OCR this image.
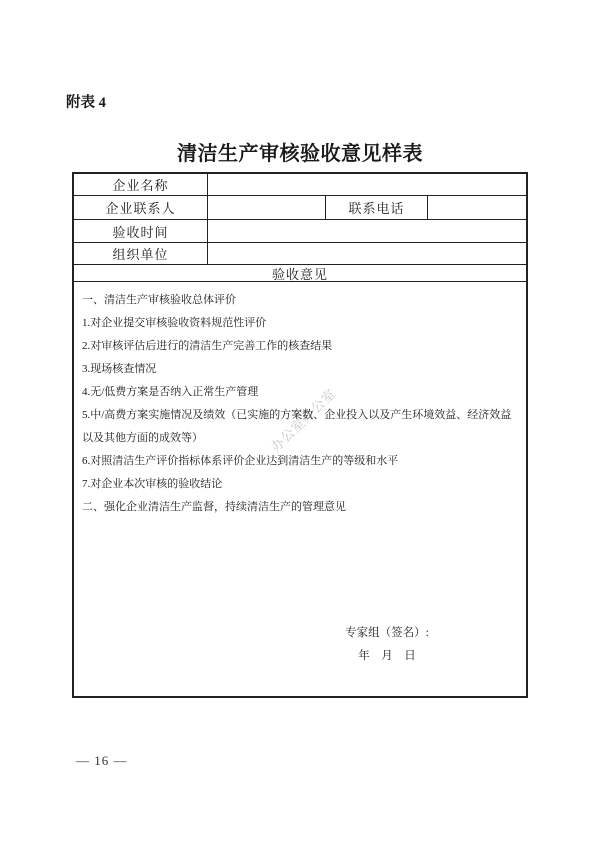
附表 4
清洁生产审核验收意见样表
办公室办公室
企业名称
企业联系人	联系电话
验收时间
组织单位
验收意见
一、清洁生产审核验收总体评价
1.对企业提交审核验收资料规范性评价
2.对审核评估后进行的清洁生产完善工作的核查结果
3.现场核查情况
4.无/低费方案是否纳入正常生产管理
5.中/高费方案实施情况及绩效（已实施的方案数、企业投入以及产生环境效益、经济效益以及其他方面的成效等）
6.对照清洁生产评价指标体系评价企业达到清洁生产的等级和水平
7.对企业本次审核的验收结论
二、强化企业清洁生产监督，持续清洁生产的管理意见
专家组（签名）:
年　月　日
— 16 —
